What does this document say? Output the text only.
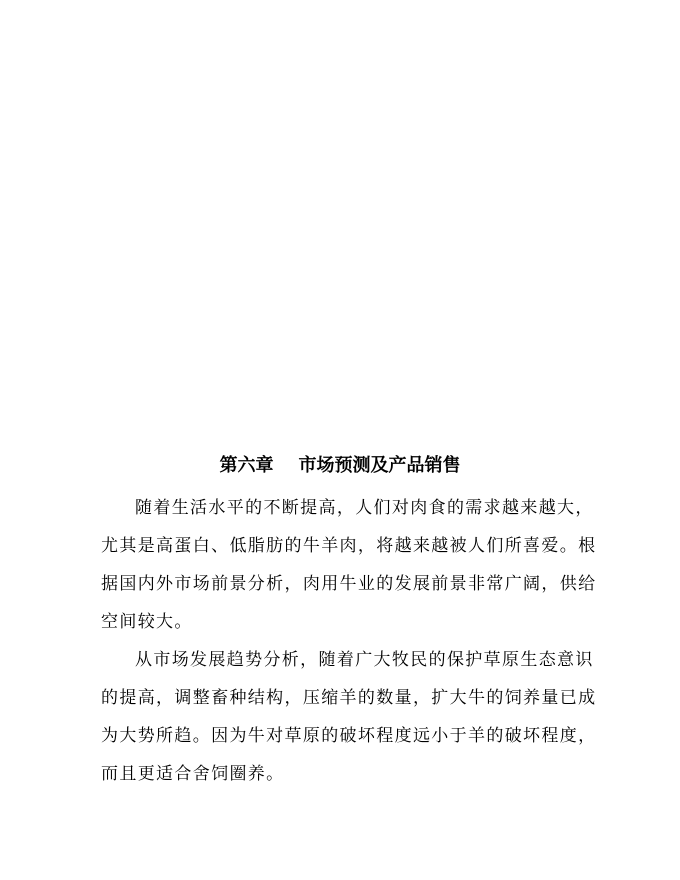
第六章    市场预测及产品销售
随着生活水平的不断提高，人们对肉食的需求越来越大，
尤其是高蛋白、低脂肪的牛羊肉，将越来越被人们所喜爱。根
据国内外市场前景分析，肉用牛业的发展前景非常广阔，供给
空间较大。
从市场发展趋势分析，随着广大牧民的保护草原生态意识
的提高，调整畜种结构，压缩羊的数量，扩大牛的饲养量已成
为大势所趋。因为牛对草原的破坏程度远小于羊的破坏程度，
而且更适合舍饲圈养。
